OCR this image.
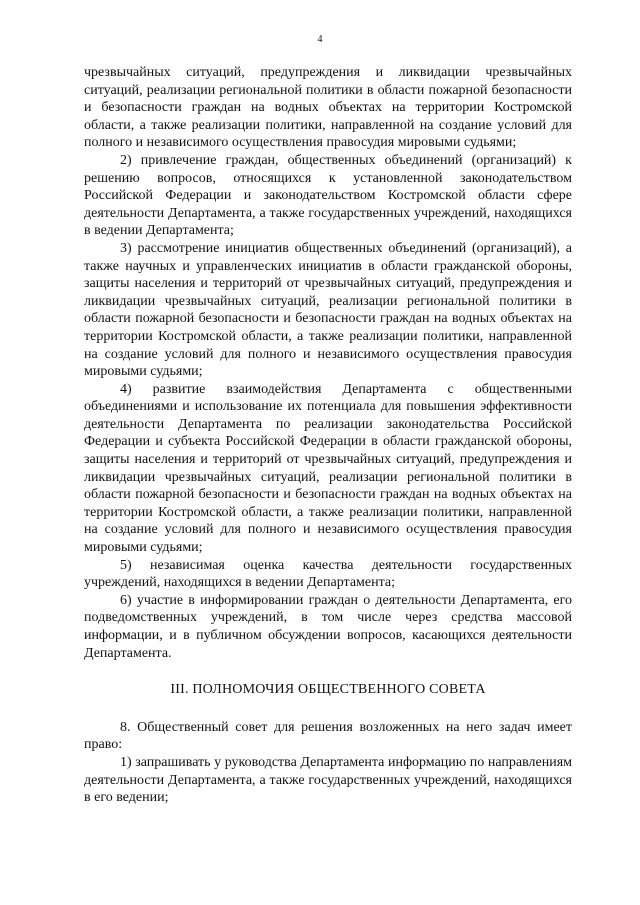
4

чрезвычайных ситуаций, предупреждения и ликвидации чрезвычайных ситуаций, реализации региональной политики в области пожарной безопасности и безопасности граждан на водных объектах на территории Костромской области, а также реализации политики, направленной на создание условий для полного и независимого осуществления правосудия мировыми судьями;

2) привлечение граждан, общественных объединений (организаций) к решению вопросов, относящихся к установленной законодательством Российской Федерации и законодательством Костромской области сфере деятельности Департамента, а также государственных учреждений, находящихся в ведении Департамента;

3) рассмотрение инициатив общественных объединений (организаций), а также научных и управленческих инициатив в области гражданской обороны, защиты населения и территорий от чрезвычайных ситуаций, предупреждения и ликвидации чрезвычайных ситуаций, реализации региональной политики в области пожарной безопасности и безопасности граждан на водных объектах на территории Костромской области, а также реализации политики, направленной на создание условий для полного и независимого осуществления правосудия мировыми судьями;

4) развитие взаимодействия Департамента с общественными объединениями и использование их потенциала для повышения эффективности деятельности Департамента по реализации законодательства Российской Федерации и субъекта Российской Федерации в области гражданской обороны, защиты населения и территорий от чрезвычайных ситуаций, предупреждения и ликвидации чрезвычайных ситуаций, реализации региональной политики в области пожарной безопасности и безопасности граждан на водных объектах на территории Костромской области, а также реализации политики, направленной на создание условий для полного и независимого осуществления правосудия мировыми судьями;

5) независимая оценка качества деятельности государственных учреждений, находящихся в ведении Департамента;

6) участие в информировании граждан о деятельности Департамента, его подведомственных учреждений, в том числе через средства массовой информации, и в публичном обсуждении вопросов, касающихся деятельности Департамента.

III. ПОЛНОМОЧИЯ ОБЩЕСТВЕННОГО СОВЕТА

8. Общественный совет для решения возложенных на него задач имеет право:

1) запрашивать у руководства Департамента информацию по направлениям деятельности Департамента, а также государственных учреждений, находящихся в его ведении;
